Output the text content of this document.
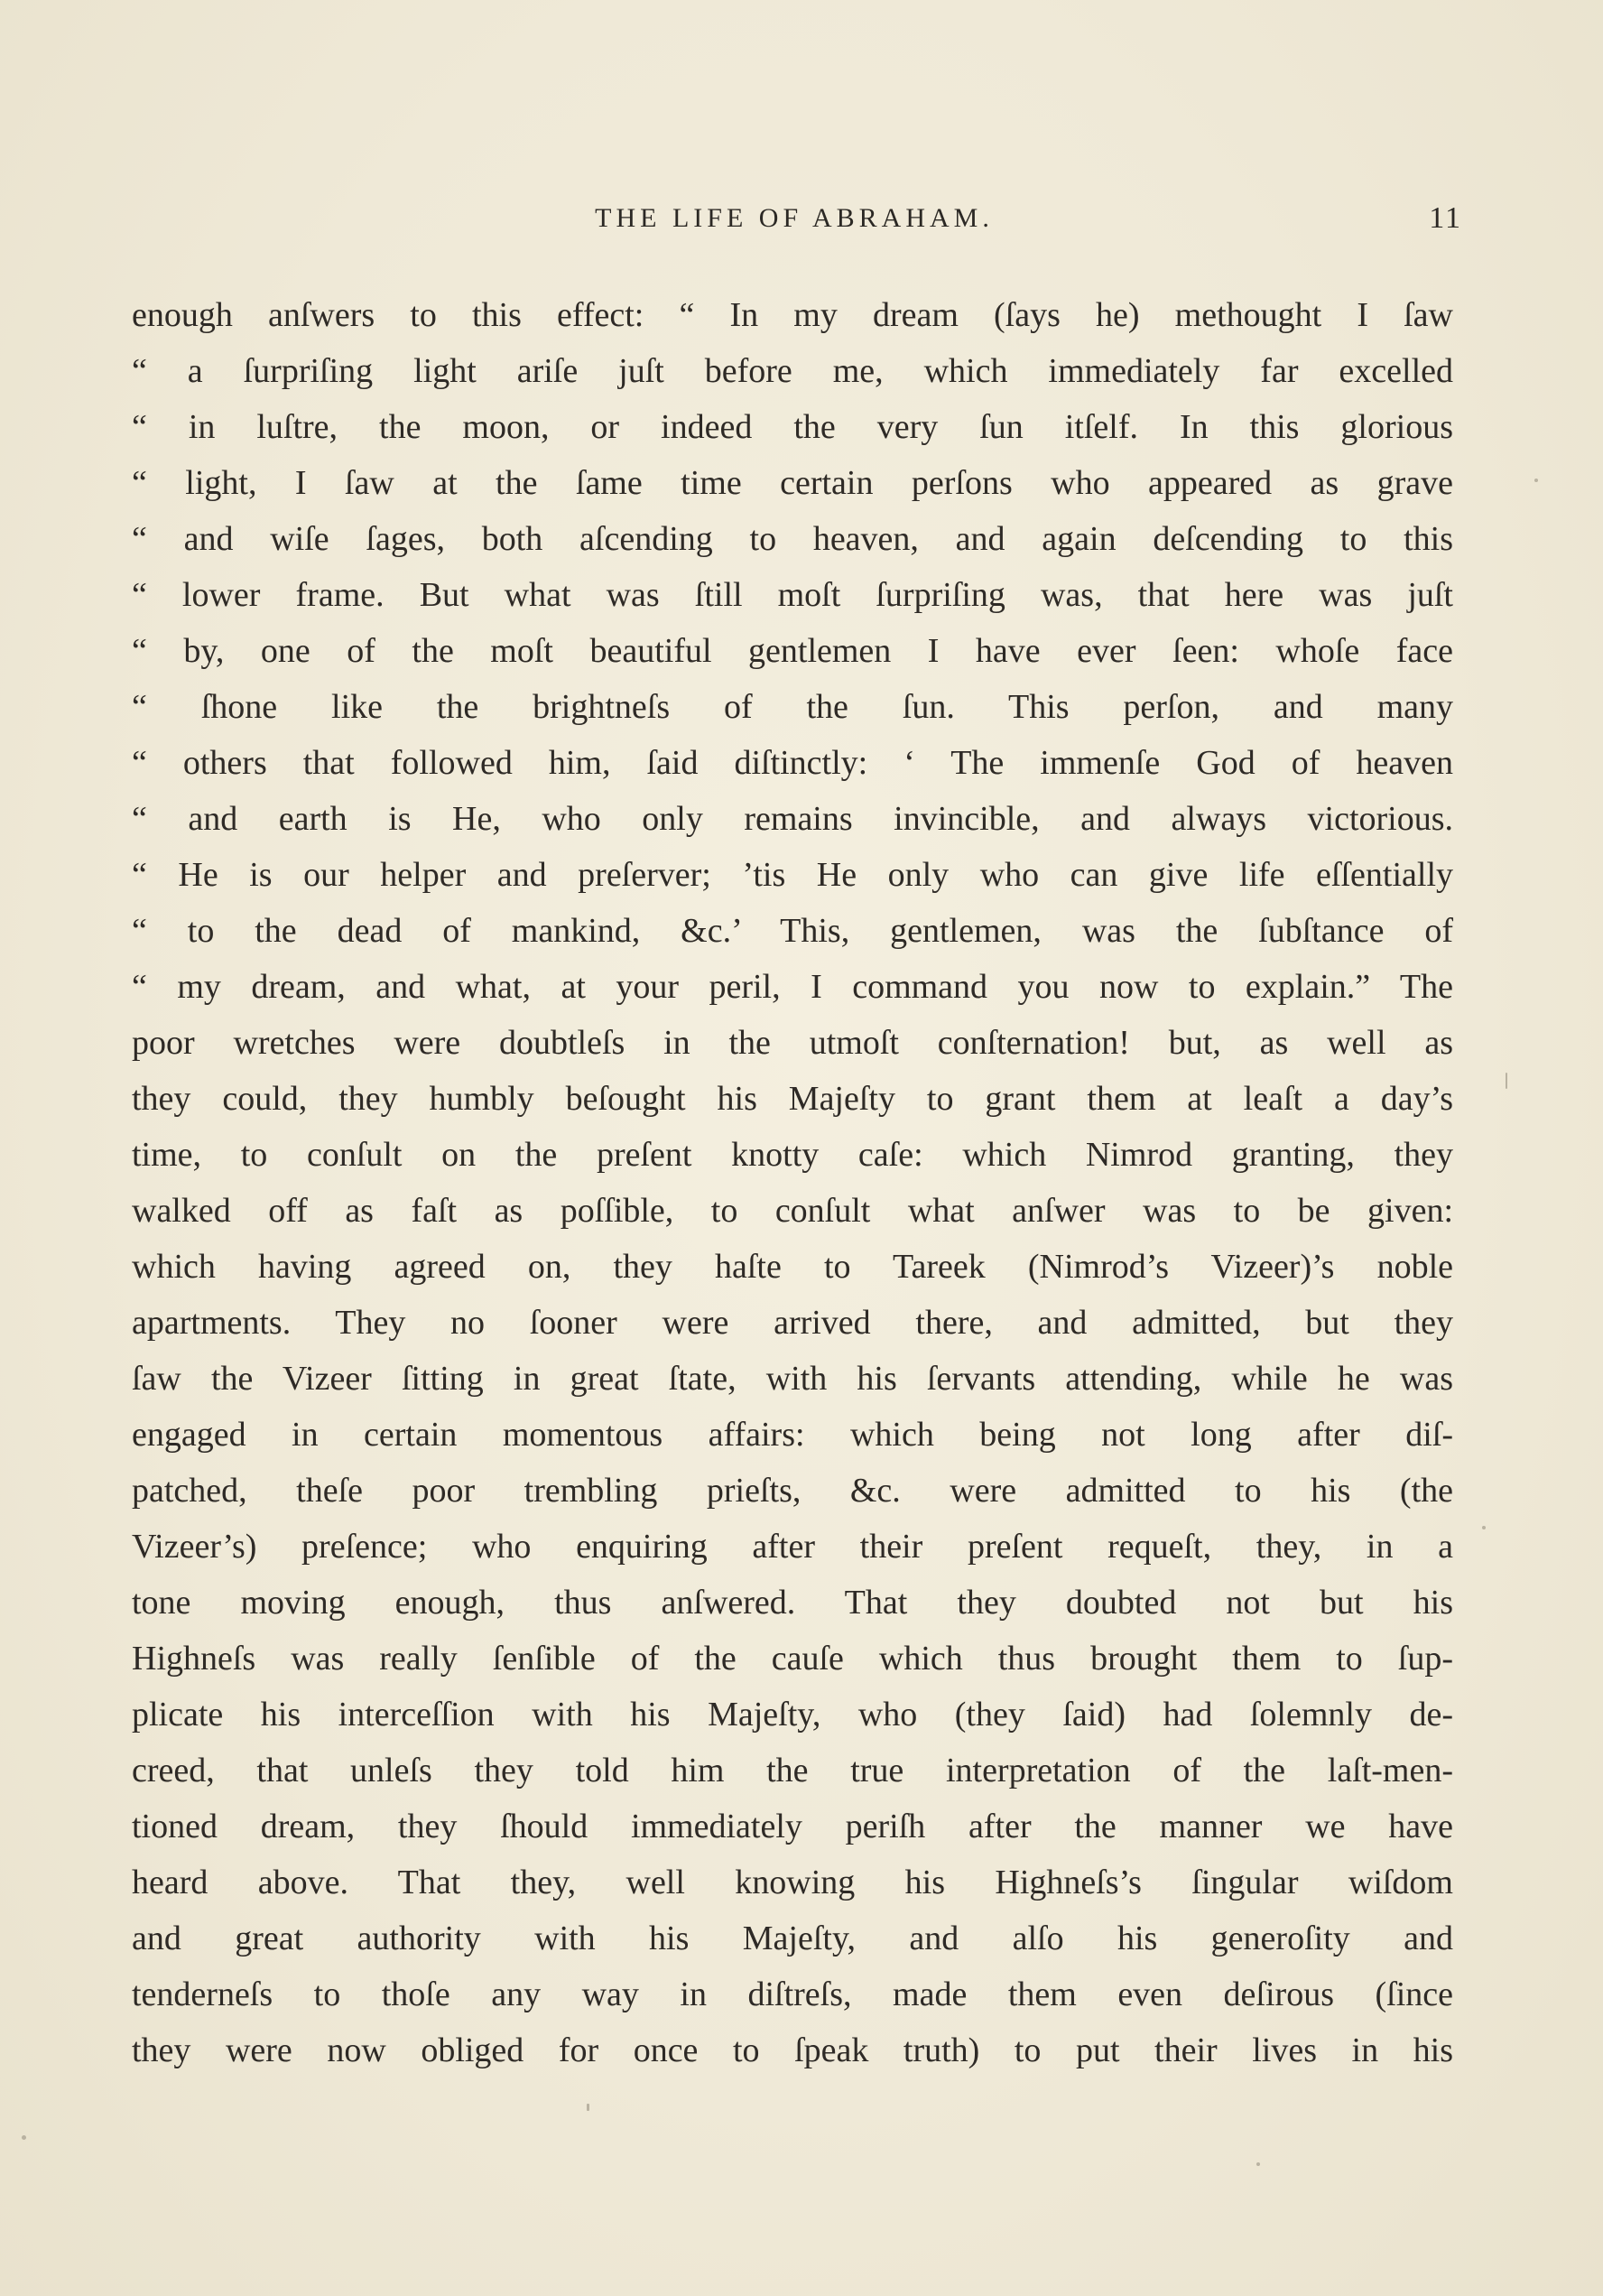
THE LIFE OF ABRAHAM.	11
enough anſwers to this effect: “ In my dream (ſays he) methought I ſaw
“ a ſurpriſing light ariſe juſt before me, which immediately far excelled
“ in luſtre, the moon, or indeed the very ſun itſelf. In this glorious
“ light, I ſaw at the ſame time certain perſons who appeared as grave
“ and wiſe ſages, both aſcending to heaven, and again deſcending to this
“ lower frame. But what was ſtill moſt ſurpriſing was, that here was juſt
“ by, one of the moſt beautiful gentlemen I have ever ſeen: whoſe face
“ ſhone like the brightneſs of the ſun. This perſon, and many
“ others that followed him, ſaid diſtinctly: ‘ The immenſe God of heaven
“ and earth is He, who only remains invincible, and always victorious.
“ He is our helper and preſerver; ’tis He only who can give life eſſentially
“ to the dead of mankind, &c.’ This, gentlemen, was the ſubſtance of
“ my dream, and what, at your peril, I command you now to explain.” The
poor wretches were doubtleſs in the utmoſt conſternation! but, as well as
they could, they humbly beſought his Majeſty to grant them at leaſt a day’s
time, to conſult on the preſent knotty caſe: which Nimrod granting, they
walked off as faſt as poſſible, to conſult what anſwer was to be given:
which having agreed on, they haſte to Tareek (Nimrod’s Vizeer)’s noble
apartments. They no ſooner were arrived there, and admitted, but they
ſaw the Vizeer ſitting in great ſtate, with his ſervants attending, while he was
engaged in certain momentous affairs: which being not long after diſ-
patched, theſe poor trembling prieſts, &c. were admitted to his (the
Vizeer’s) preſence; who enquiring after their preſent requeſt, they, in a
tone moving enough, thus anſwered. That they doubted not but his
Highneſs was really ſenſible of the cauſe which thus brought them to ſup-
plicate his interceſſion with his Majeſty, who (they ſaid) had ſolemnly de-
creed, that unleſs they told him the true interpretation of the laſt-men-
tioned dream, they ſhould immediately periſh after the manner we have
heard above. That they, well knowing his Highneſs’s ſingular wiſdom
and great authority with his Majeſty, and alſo his generoſity and
tenderneſs to thoſe any way in diſtreſs, made them even deſirous (ſince
they were now obliged for once to ſpeak truth) to put their lives in his
